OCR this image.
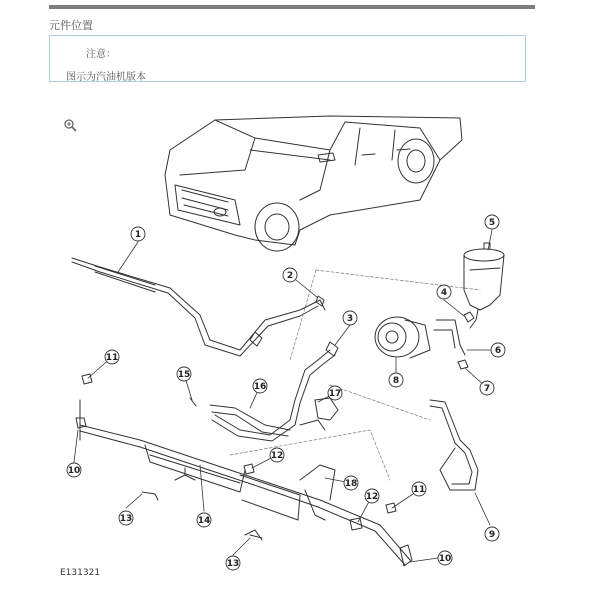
元件位置
注意：
图示为汽油机版本
1
2
3
4
5
6
7
8
9
10
10
11
11
12
12
13
13
14
15
16
17
18
E131321
